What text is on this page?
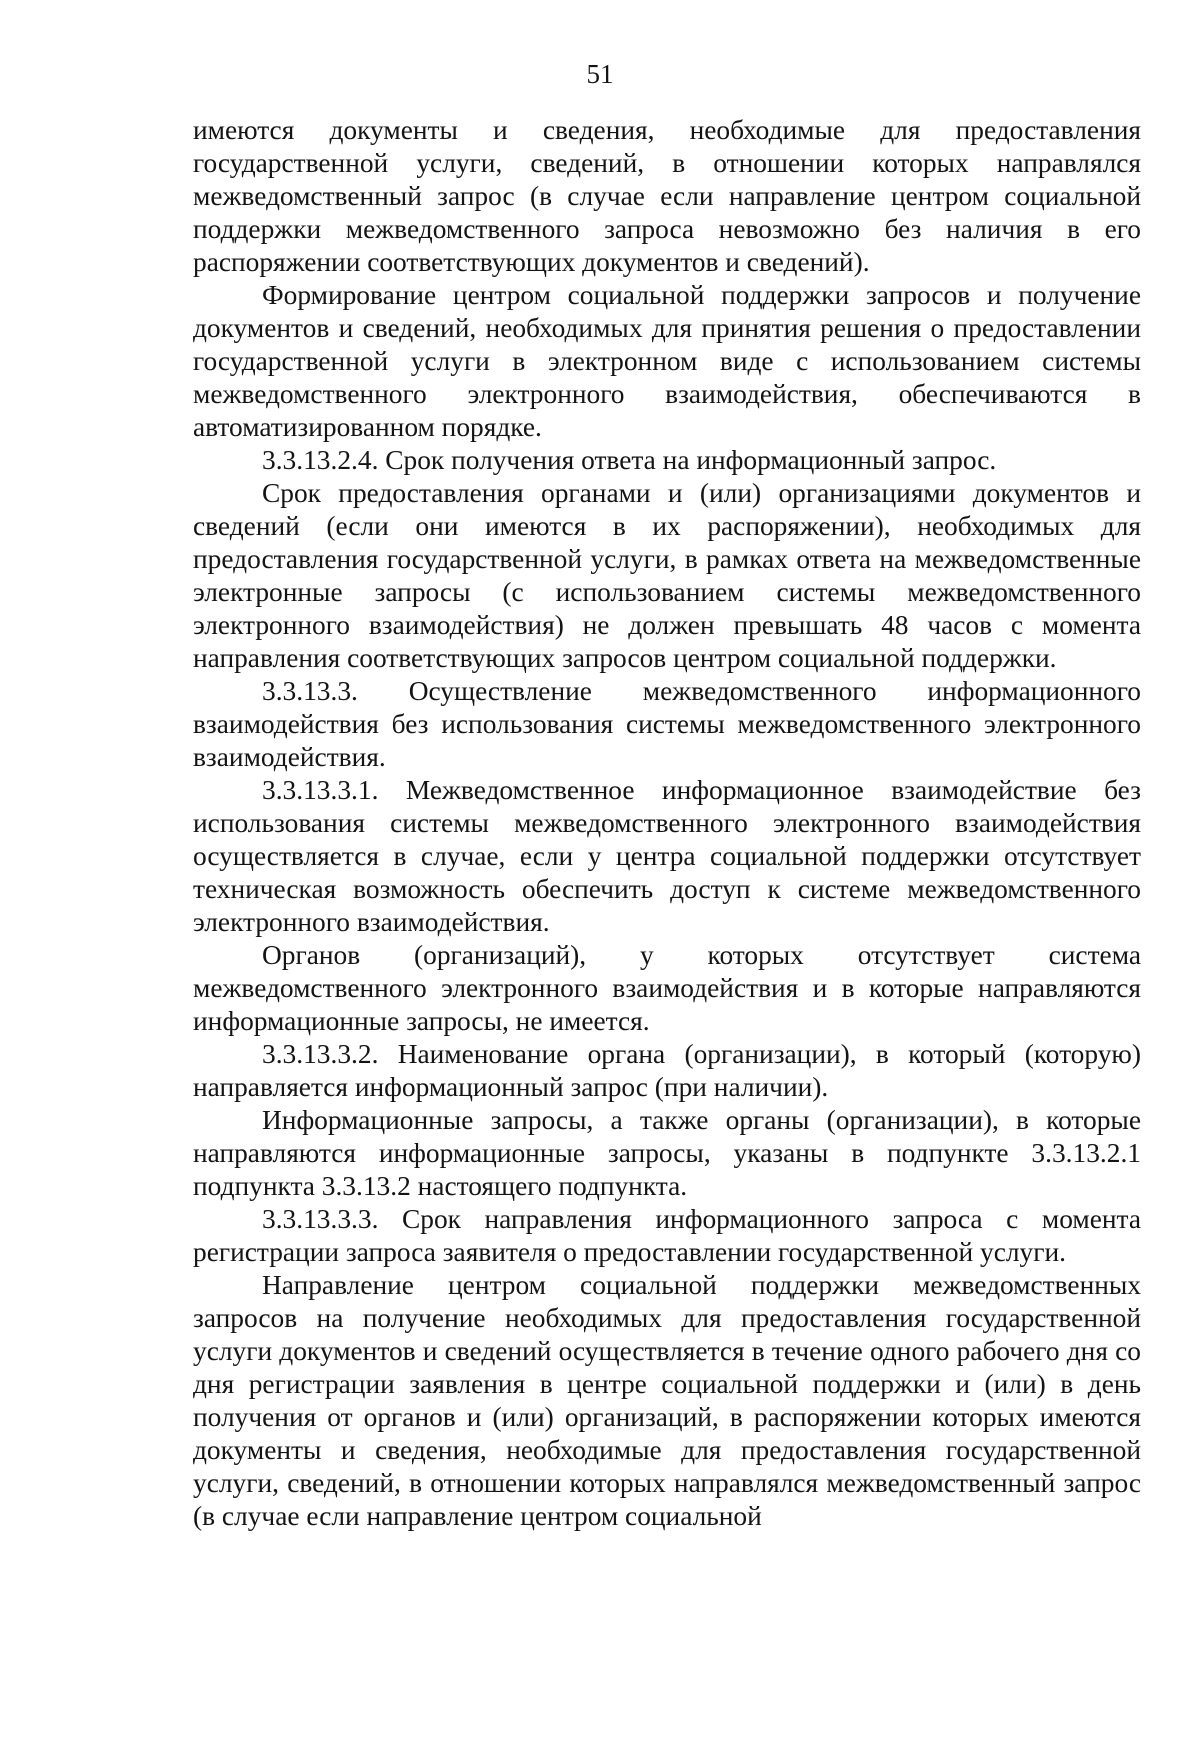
51

имеются документы и сведения, необходимые для предоставления государственной услуги, сведений, в отношении которых направлялся межведомственный запрос (в случае если направление центром социальной поддержки межведомственного запроса невозможно без наличия в его распоряжении соответствующих документов и сведений).

Формирование центром социальной поддержки запросов и получение документов и сведений, необходимых для принятия решения о предоставлении государственной услуги в электронном виде с использованием системы межведомственного электронного взаимодействия, обеспечиваются в автоматизированном порядке.

3.3.13.2.4. Срок получения ответа на информационный запрос.

Срок предоставления органами и (или) организациями документов и сведений (если они имеются в их распоряжении), необходимых для предоставления государственной услуги, в рамках ответа на межведомственные электронные запросы (с использованием системы межведомственного электронного взаимодействия) не должен превышать 48 часов с момента направления соответствующих запросов центром социальной поддержки.

3.3.13.3. Осуществление межведомственного информационного взаимодействия без использования системы межведомственного электронного взаимодействия.

3.3.13.3.1. Межведомственное информационное взаимодействие без использования системы межведомственного электронного взаимодействия осуществляется в случае, если у центра социальной поддержки отсутствует техническая возможность обеспечить доступ к системе межведомственного электронного взаимодействия.

Органов (организаций), у которых отсутствует система межведомственного электронного взаимодействия и в которые направляются информационные запросы, не имеется.

3.3.13.3.2. Наименование органа (организации), в который (которую) направляется информационный запрос (при наличии).

Информационные запросы, а также органы (организации), в которые направляются информационные запросы, указаны в подпункте 3.3.13.2.1 подпункта 3.3.13.2 настоящего подпункта.

3.3.13.3.3. Срок направления информационного запроса с момента регистрации запроса заявителя о предоставлении государственной услуги.

Направление центром социальной поддержки межведомственных запросов на получение необходимых для предоставления государственной услуги документов и сведений осуществляется в течение одного рабочего дня со дня регистрации заявления в центре социальной поддержки и (или) в день получения от органов и (или) организаций, в распоряжении которых имеются документы и сведения, необходимые для предоставления государственной услуги, сведений, в отношении которых направлялся межведомственный запрос (в случае если направление центром социальной
